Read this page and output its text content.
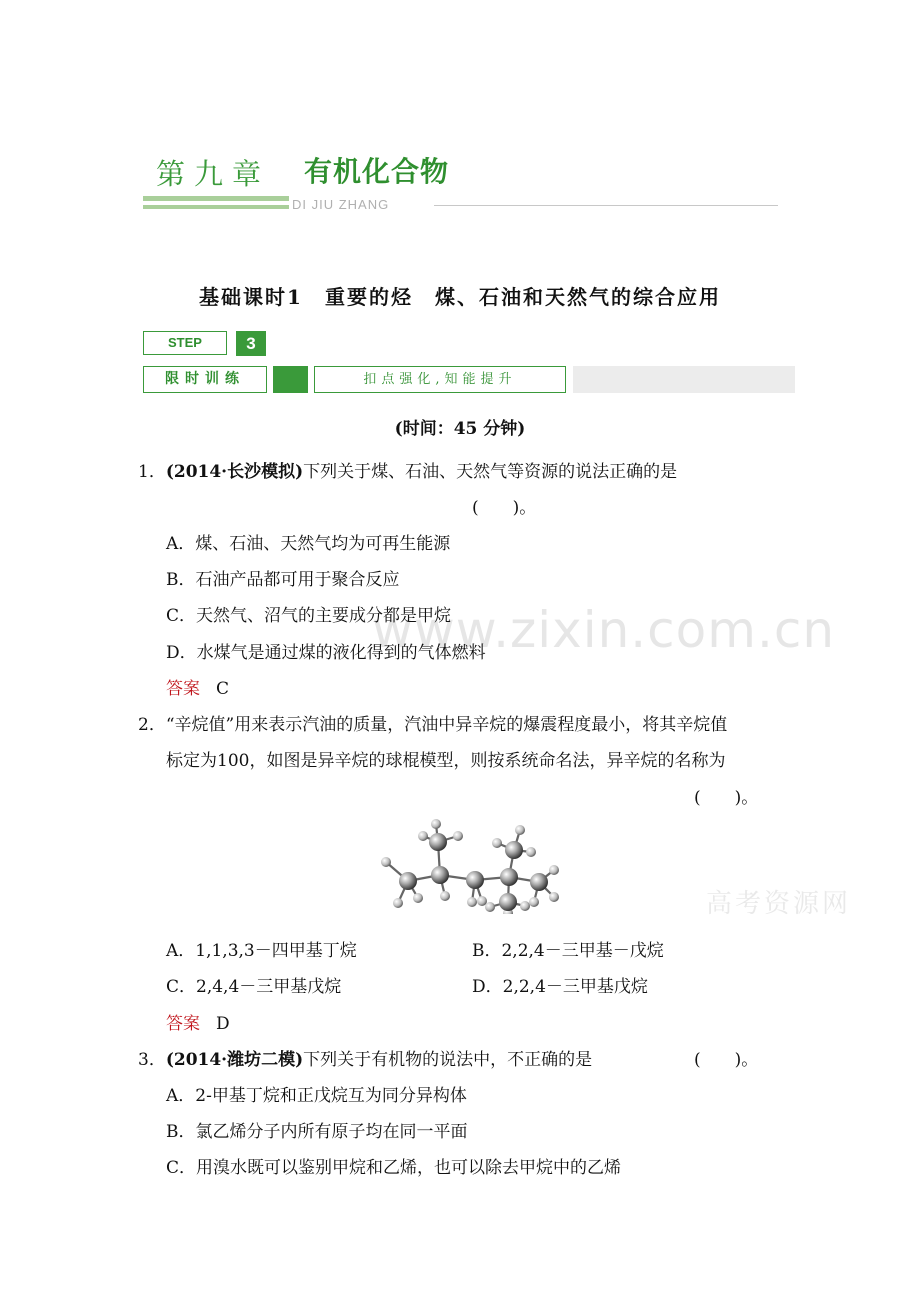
第九章 有机化合物
DI JIU ZHANG
基础课时1　重要的烃　煤、石油和天然气的综合应用
STEP	3
限时训练	扣点强化,知能提升
(时间：45 分钟)
www.zixin.com.cn
高考资源网
1．(2014·长沙模拟)下列关于煤、石油、天然气等资源的说法正确的是
(　　)。
A．煤、石油、天然气均为可再生能源
B．石油产品都可用于聚合反应
C．天然气、沼气的主要成分都是甲烷
D．水煤气是通过煤的液化得到的气体燃料
答案 C
2．“辛烷值”用来表示汽油的质量，汽油中异辛烷的爆震程度最小，将其辛烷值
标定为100，如图是异辛烷的球棍模型，则按系统命名法，异辛烷的名称为
(　　)。
A．1,1,3,3－四甲基丁烷	B．2,2,4－三甲基－戊烷
C．2,4,4－三甲基戊烷	D．2,2,4－三甲基戊烷
答案 D
3．(2014·潍坊二模)下列关于有机物的说法中，不正确的是	(　　)。
A．2-甲基丁烷和正戊烷互为同分异构体
B．氯乙烯分子内所有原子均在同一平面
C．用溴水既可以鉴别甲烷和乙烯，也可以除去甲烷中的乙烯
